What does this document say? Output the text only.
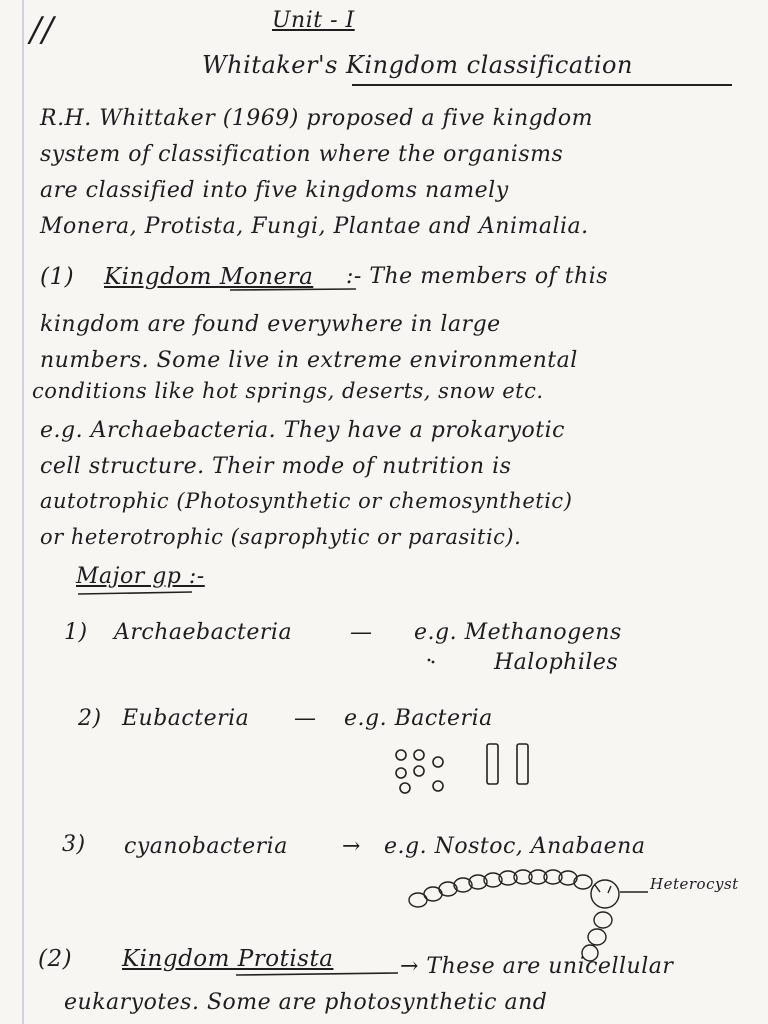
//	Unit - I
Whitaker's Kingdom classification
R.H. Whittaker (1969) proposed a five kingdom
system of classification where the organisms
are classified into five kingdoms namely
Monera, Protista, Fungi, Plantae and Animalia.
(1) Kingdom Monera :- The members of this
kingdom are found everywhere in large
numbers. Some live in extreme environmental
conditions like hot springs, deserts, snow etc.
e.g. Archaebacteria. They have a prokaryotic
cell structure. Their mode of nutrition is
autotrophic (Photosynthetic or chemosynthetic)
or heterotrophic (saprophytic or parasitic).
Major gp :-
1) Archaebacteria	— e.g. Methanogens
Halophiles
2) Eubacteria — e.g. Bacteria
3) cyanobacteria → e.g. Nostoc, Anabaena
Heterocyst
(2) Kingdom Protista	→ These are unicellular
eukaryotes. Some are photosynthetic and
